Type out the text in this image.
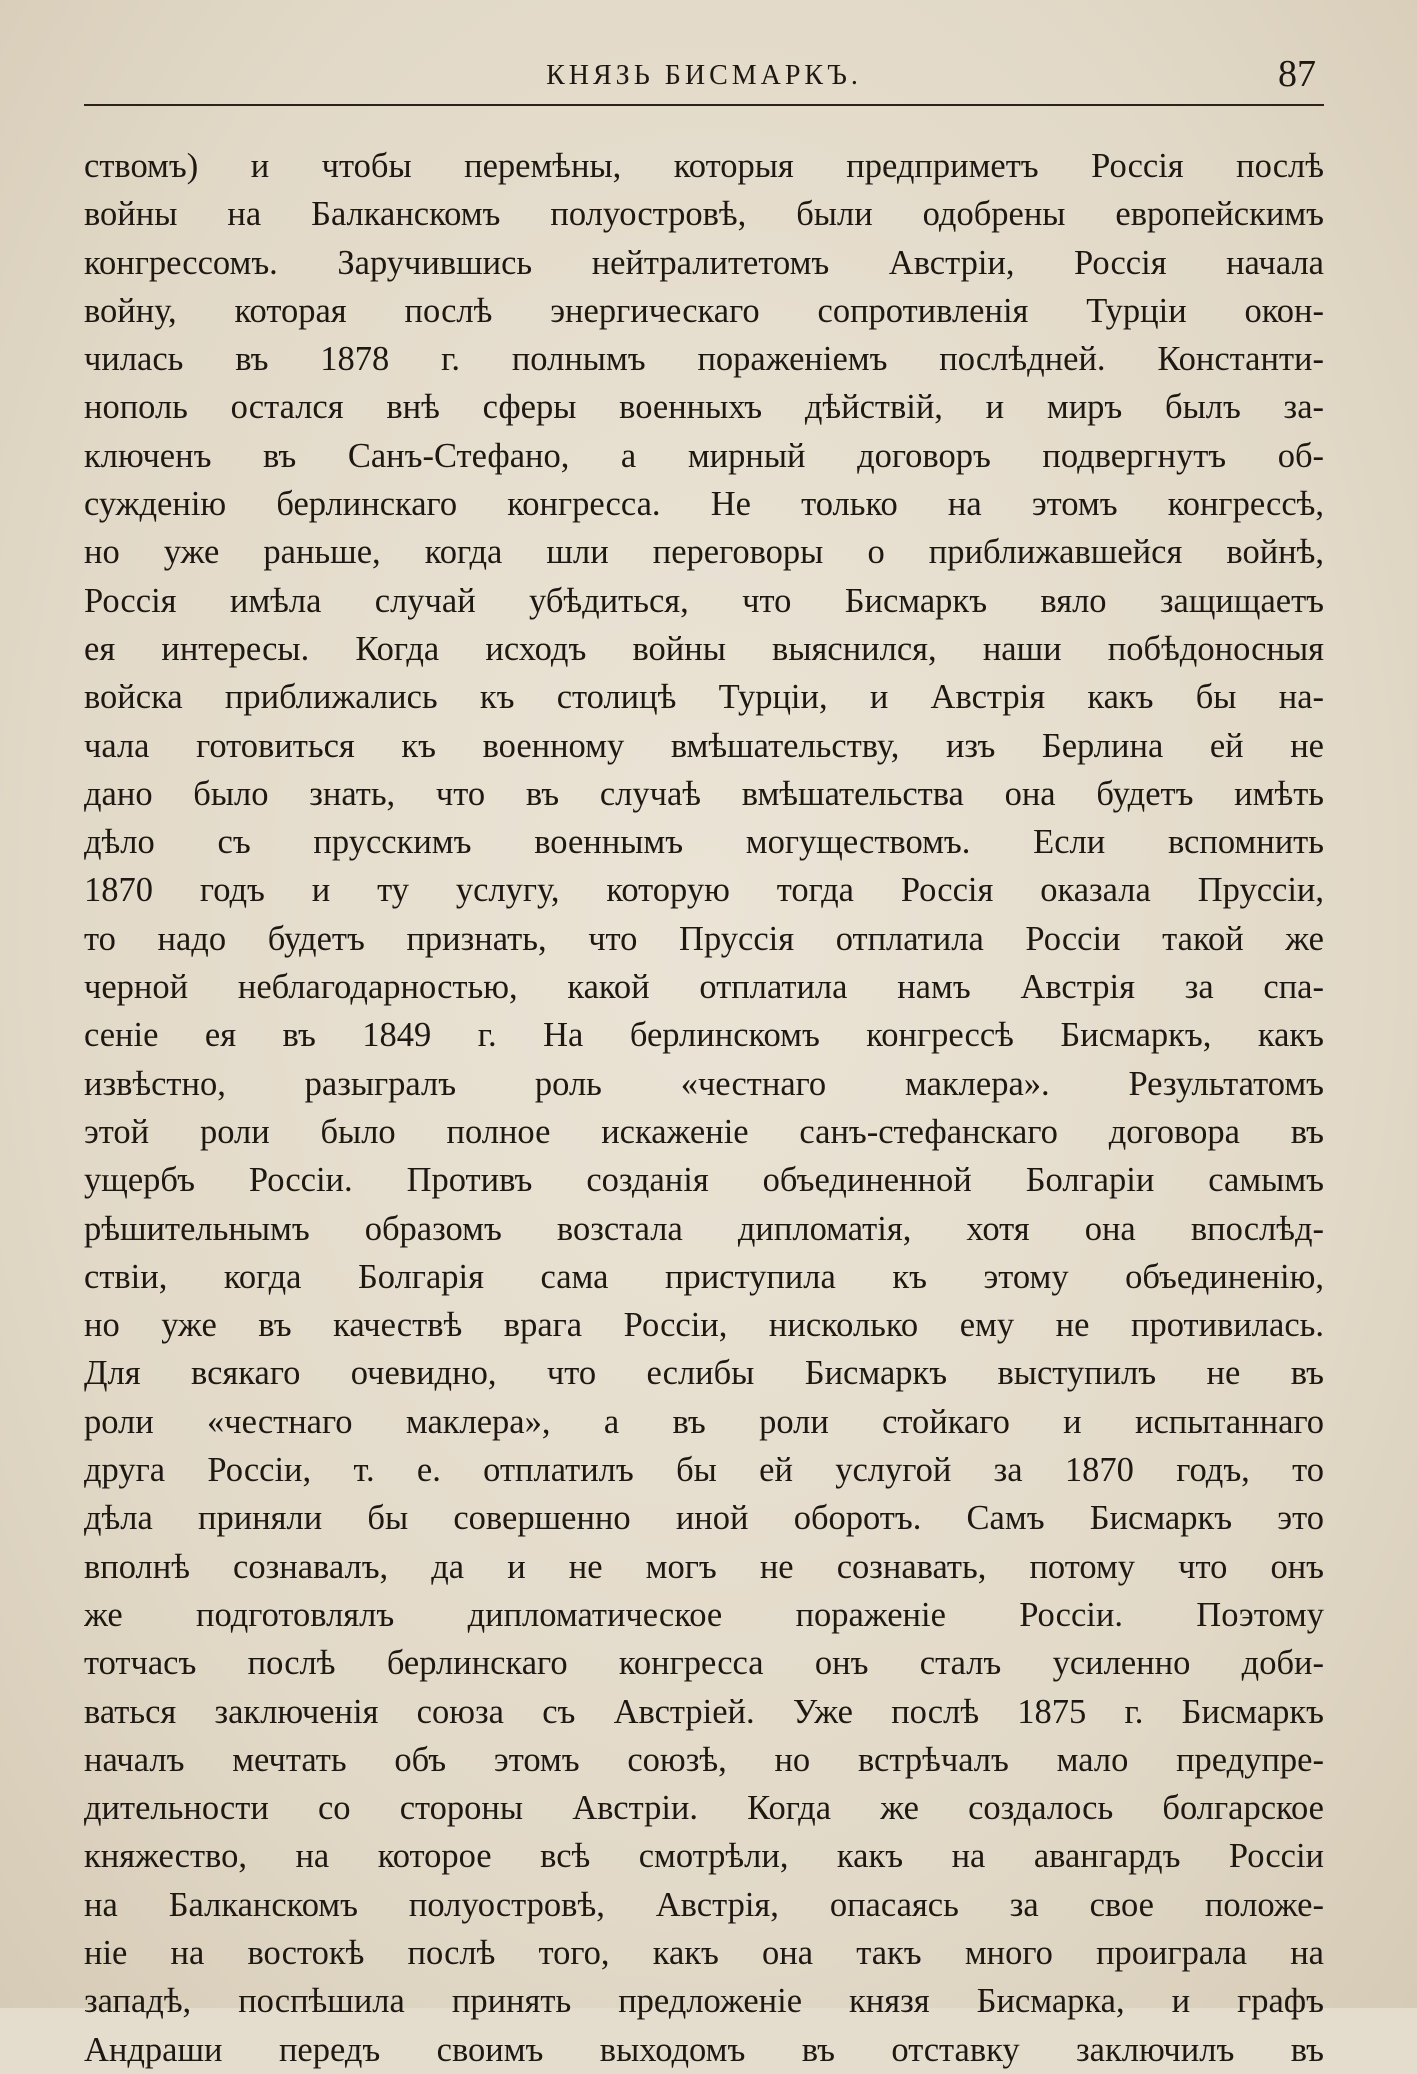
КНЯЗЬ БИСМАРКЪ.	87
ствомъ) и чтобы перемѣны, которыя предприметъ Россія послѣ
войны на Балканскомъ полуостровѣ, были одобрены европейскимъ
конгрессомъ. Заручившись нейтралитетомъ Австріи, Россія начала
войну, которая послѣ энергическаго сопротивленія Турціи окон-
чилась въ 1878 г. полнымъ пораженіемъ послѣдней. Константи-
нополь остался внѣ сферы военныхъ дѣйствій, и миръ былъ за-
ключенъ въ Санъ-Стефано, а мирный договоръ подвергнутъ об-
сужденію берлинскаго конгресса. Не только на этомъ конгрессѣ,
но уже раньше, когда шли переговоры о приближавшейся войнѣ,
Россія имѣла случай убѣдиться, что Бисмаркъ вяло защищаетъ
ея интересы. Когда исходъ войны выяснился, наши побѣдоносныя
войска приближались къ столицѣ Турціи, и Австрія какъ бы на-
чала готовиться къ военному вмѣшательству, изъ Берлина ей не
дано было знать, что въ случаѣ вмѣшательства она будетъ имѣть
дѣло съ прусскимъ военнымъ могуществомъ. Если вспомнить
1870 годъ и ту услугу, которую тогда Россія оказала Пруссіи,
то надо будетъ признать, что Пруссія отплатила Россіи такой же
черной неблагодарностью, какой отплатила намъ Австрія за спа-
сеніе ея въ 1849 г. На берлинскомъ конгрессѣ Бисмаркъ, какъ
извѣстно, разыгралъ роль «честнаго маклера». Результатомъ
этой роли было полное искаженіе санъ-стефанскаго договора въ
ущербъ Россіи. Противъ созданія объединенной Болгаріи самымъ
рѣшительнымъ образомъ возстала дипломатія, хотя она впослѣд-
ствіи, когда Болгарія сама приступила къ этому объединенію,
но уже въ качествѣ врага Россіи, нисколько ему не противилась.
Для всякаго очевидно, что еслибы Бисмаркъ выступилъ не въ
роли «честнаго маклера», а въ роли стойкаго и испытаннаго
друга Россіи, т. е. отплатилъ бы ей услугой за 1870 годъ, то
дѣла приняли бы совершенно иной оборотъ. Самъ Бисмаркъ это
вполнѣ сознавалъ, да и не могъ не сознавать, потому что онъ
же подготовлялъ дипломатическое пораженіе Россіи. Поэтому
тотчасъ послѣ берлинскаго конгресса онъ сталъ усиленно доби-
ваться заключенія союза съ Австріей. Уже послѣ 1875 г. Бисмаркъ
началъ мечтать объ этомъ союзѣ, но встрѣчалъ мало предупре-
дительности со стороны Австріи. Когда же создалось болгарское
княжество, на которое всѣ смотрѣли, какъ на авангардъ Россіи
на Балканскомъ полуостровѣ, Австрія, опасаясь за свое положе-
ніе на востокѣ послѣ того, какъ она такъ много проиграла на
западѣ, поспѣшила принять предложеніе князя Бисмарка, и графъ
Андраши передъ своимъ выходомъ въ отставку заключилъ въ
